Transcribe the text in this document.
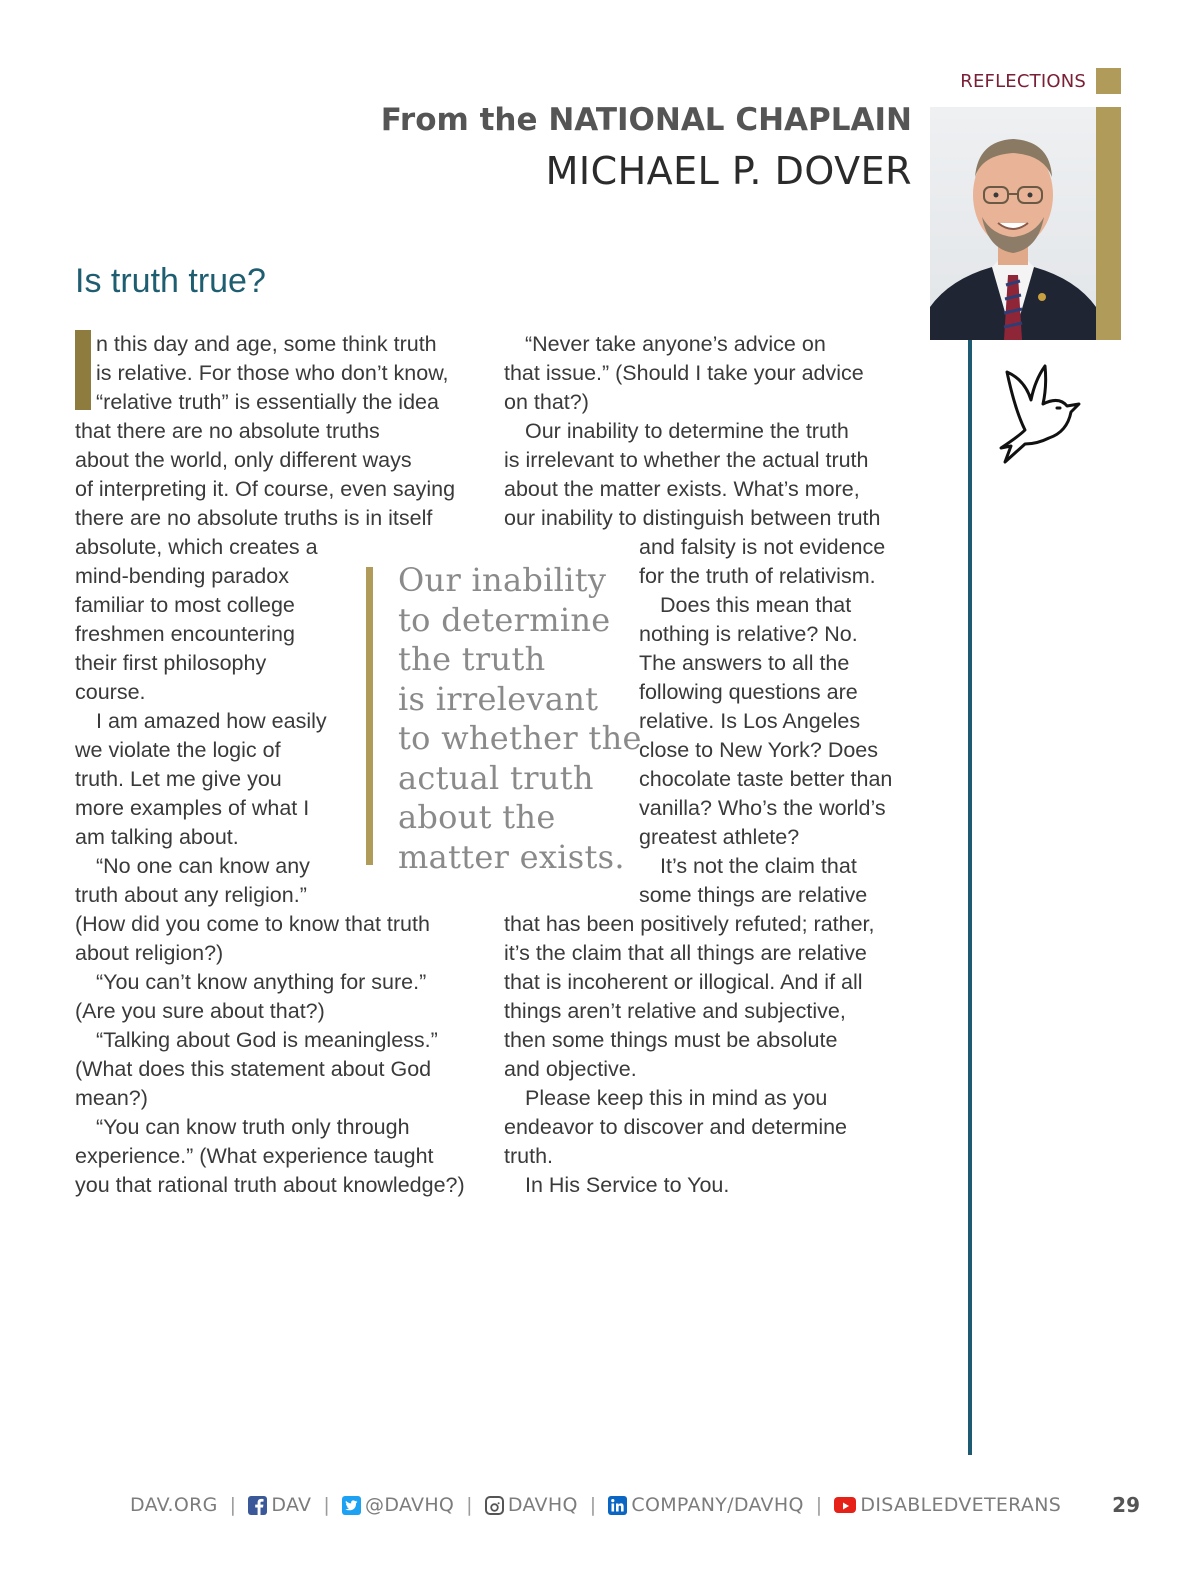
REFLECTIONS
From the NATIONAL CHAPLAIN
MICHAEL P. DOVER
Is truth true?
n this day and age, some think truth
is relative. For those who don’t know,
“relative truth” is essentially the idea
that there are no absolute truths
about the world, only different ways
of interpreting it. Of course, even saying
there are no absolute truths is in itself
absolute, which creates a
mind-bending paradox
familiar to most college
freshmen encountering
their first philosophy
course.
I am amazed how easily
we violate the logic of
truth. Let me give you
more examples of what I
am talking about.
“No one can know any
truth about any religion.”
(How did you come to know that truth
about religion?)
“You can’t know anything for sure.”
(Are you sure about that?)
“Talking about God is meaningless.”
(What does this statement about God
mean?)
“You can know truth only through
experience.” (What experience taught
you that rational truth about knowledge?)
Our inability
to determine
the truth
is irrelevant
to whether the
actual truth
about the
matter exists.
“Never take anyone’s advice on
that issue.” (Should I take your advice
on that?)
Our inability to determine the truth
is irrelevant to whether the actual truth
about the matter exists. What’s more,
our inability to distinguish between truth
and falsity is not evidence
for the truth of relativism.
Does this mean that
nothing is relative? No.
The answers to all the
following questions are
relative. Is Los Angeles
close to New York? Does
chocolate taste better than
vanilla? Who’s the world’s
greatest athlete?
It’s not the claim that
some things are relative
that has been positively refuted; rather,
it’s the claim that all things are relative
that is incoherent or illogical. And if all
things aren’t relative and subjective,
then some things must be absolute
and objective.
Please keep this in mind as you
endeavor to discover and determine
truth.
In His Service to You.
DAV.ORG | DAV | @DAVHQ | DAVHQ | COMPANY/DAVHQ | DISABLEDVETERANS	29
